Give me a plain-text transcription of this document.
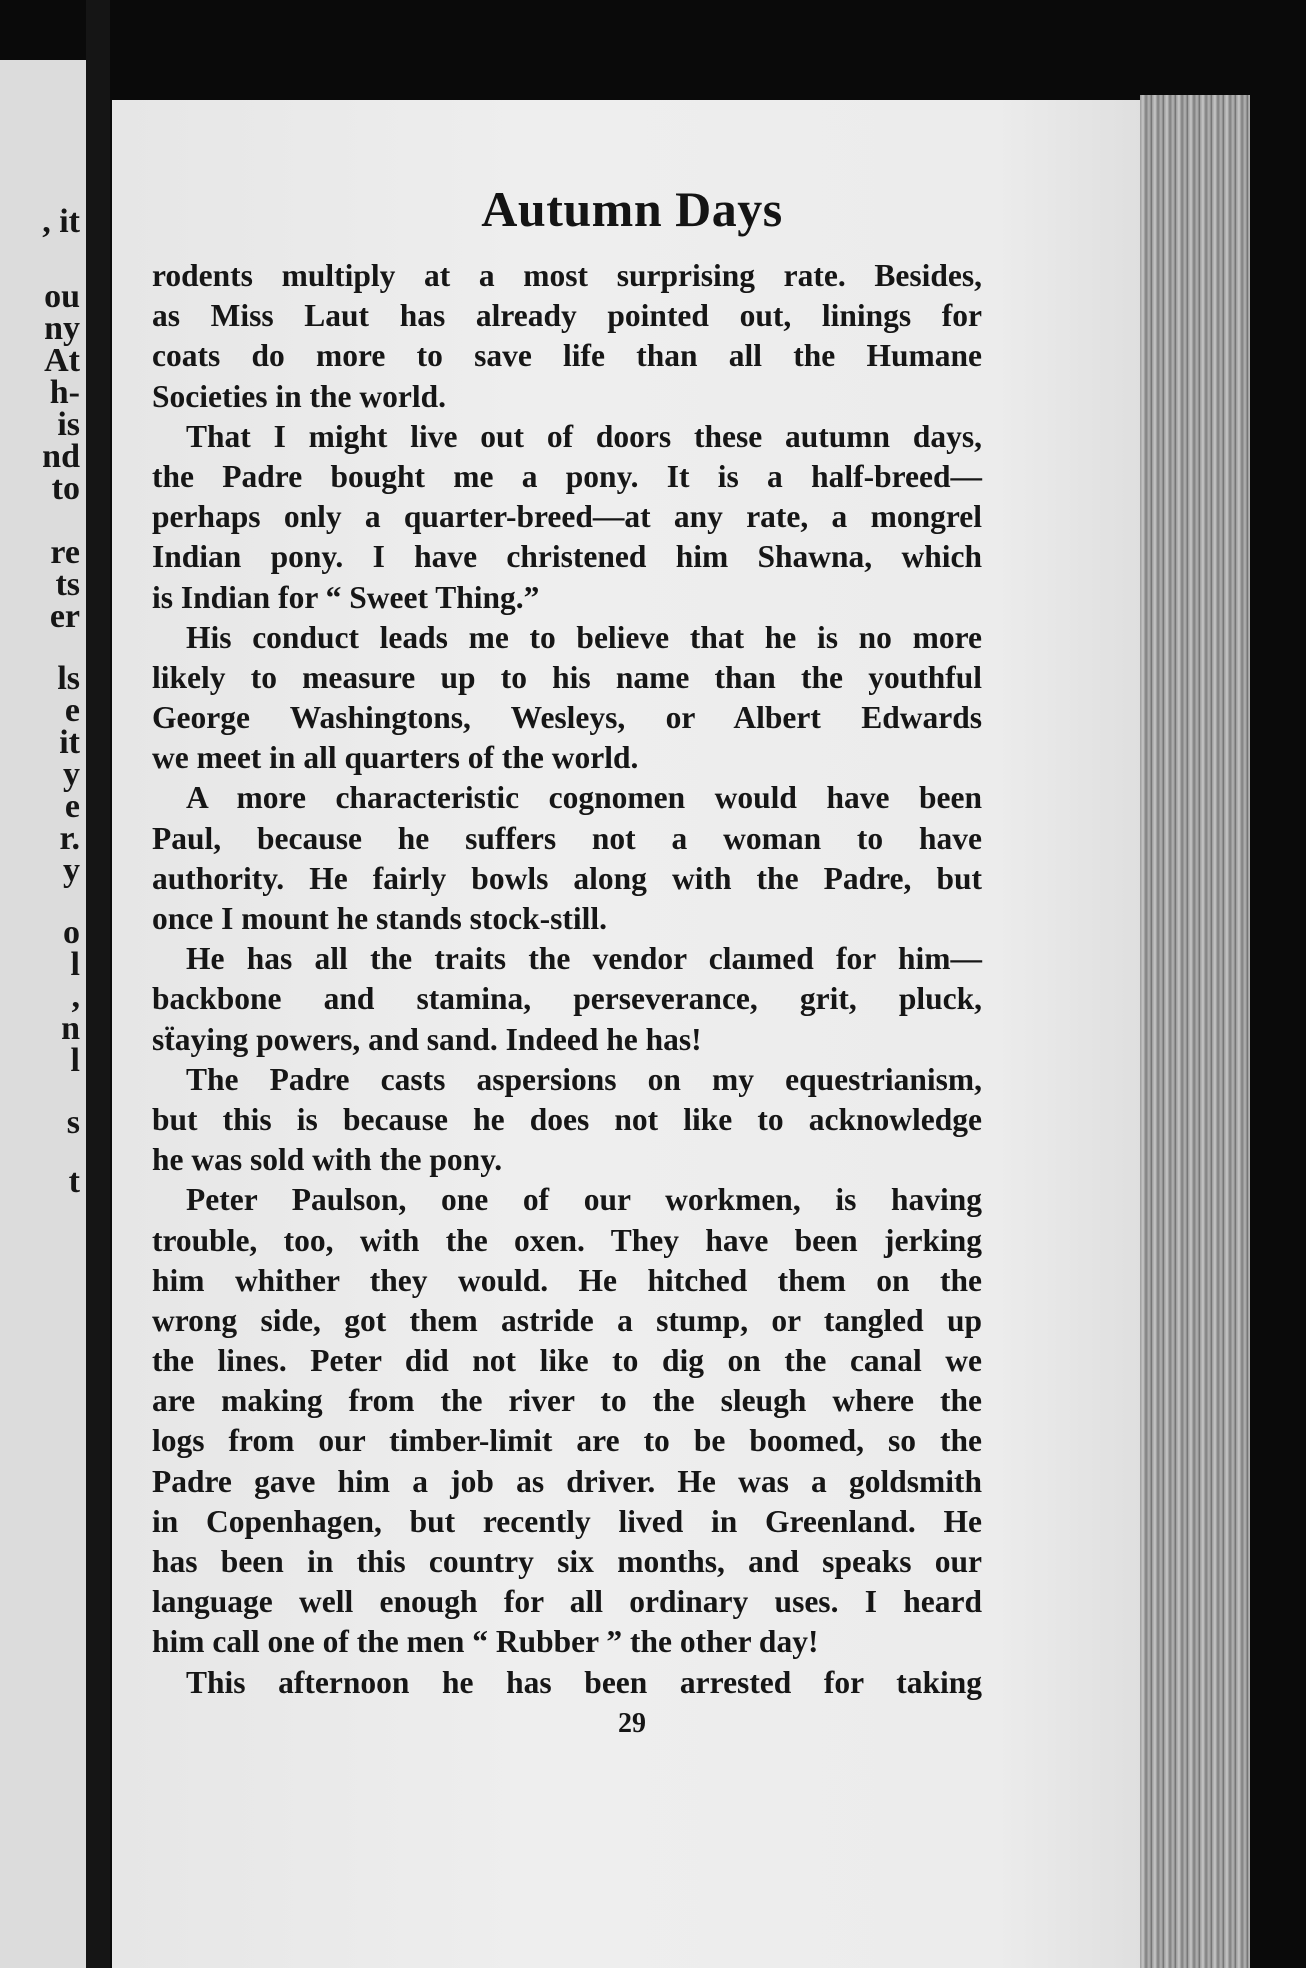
, it
ou
ny
At
h-
is
nd
to
re
ts
er
ls
e
it
y
e
r.
y
o
l
,
n
l
s
t
Autumn Days
rodents multiply at a most surprising rate. Besides,
as Miss Laut has already pointed out, linings for
coats do more to save life than all the Humane
Societies in the world.
That I might live out of doors these autumn days,
the Padre bought me a pony. It is a half-breed—
perhaps only a quarter-breed—at any rate, a mongrel
Indian pony. I have christened him Shawna, which
is Indian for “ Sweet Thing.”
His conduct leads me to believe that he is no more
likely to measure up to his name than the youthful
George Washingtons, Wesleys, or Albert Edwards
we meet in all quarters of the world.
A more characteristic cognomen would have been
Paul, because he suffers not a woman to have
authority. He fairly bowls along with the Padre, but
once I mount he stands stock-still.
He has all the traits the vendor claımed for him—
backbone and stamina, perseverance, grit, pluck,
sẗaying powers, and sand. Indeed he has!
The Padre casts aspersions on my equestrianism,
but this is because he does not like to acknowledge
he was sold with the pony.
Peter Paulson, one of our workmen, is having
trouble, too, with the oxen. They have been jerking
him whither they would. He hitched them on the
wrong side, got them astride a stump, or tangled up
the lines. Peter did not like to dig on the canal we
are making from the river to the sleugh where the
logs from our timber-limit are to be boomed, so the
Padre gave him a job as driver. He was a goldsmith
in Copenhagen, but recently lived in Greenland. He
has been in this country six months, and speaks our
language well enough for all ordinary uses. I heard
him call one of the men “ Rubber ” the other day!
This afternoon he has been arrested for taking
29
